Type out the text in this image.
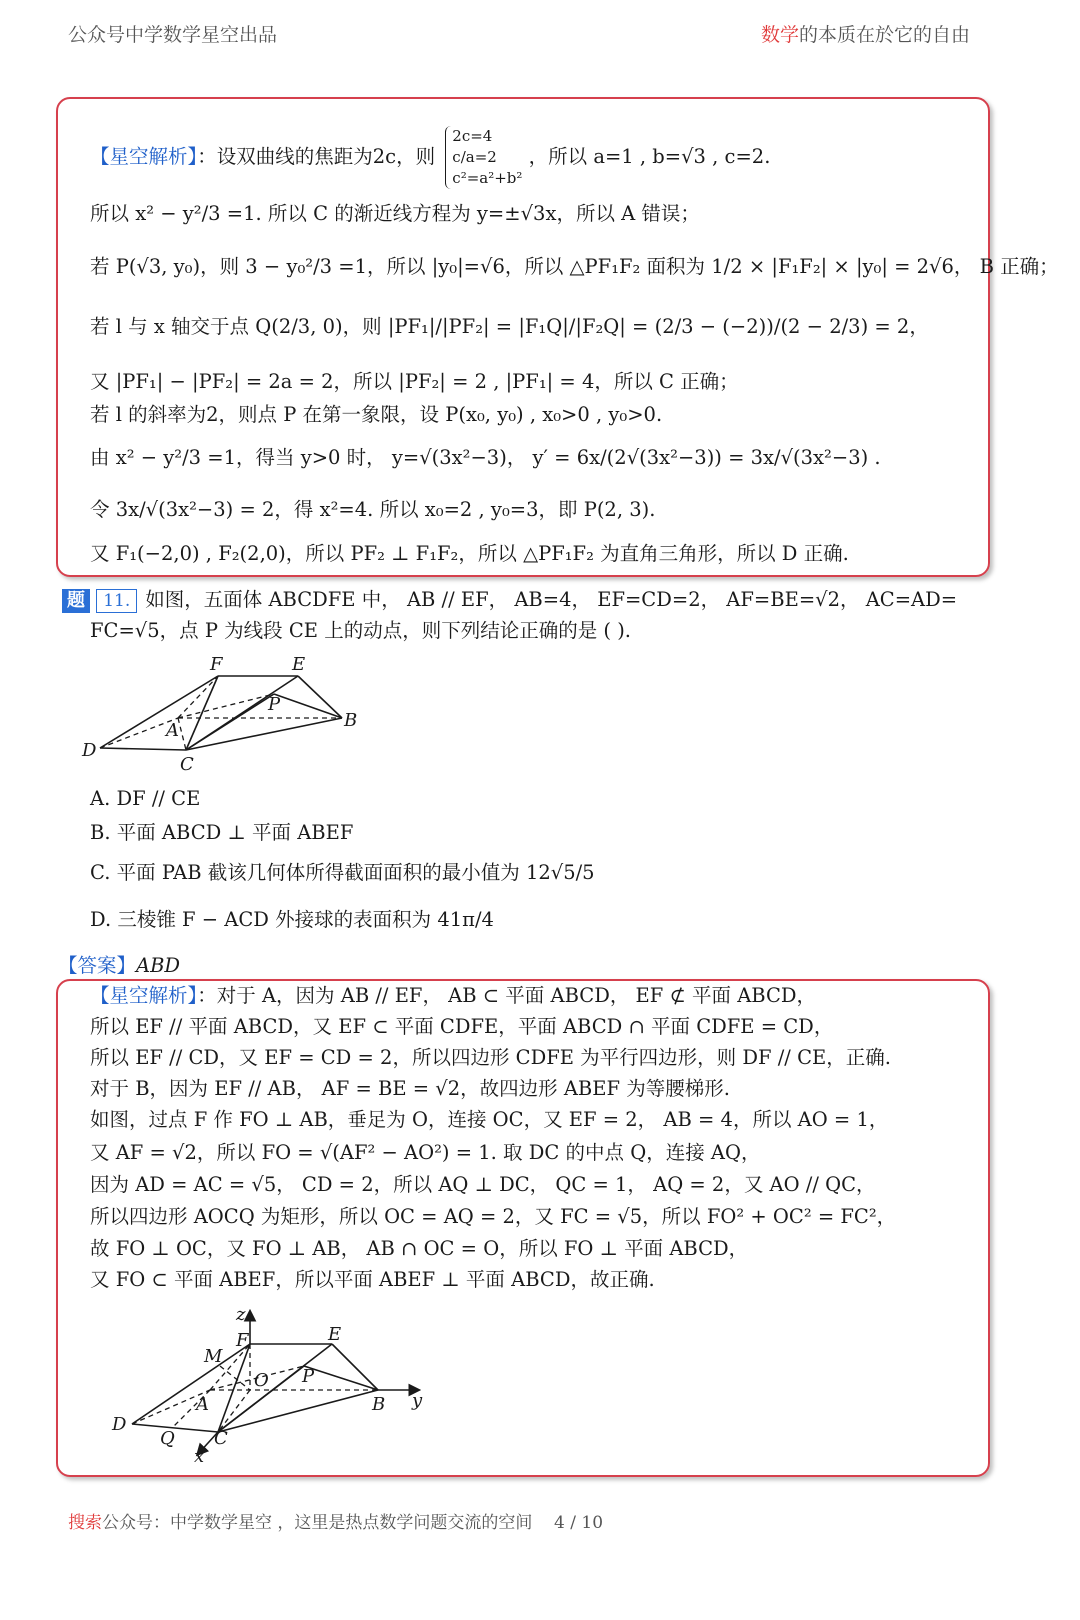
公众号中学数学星空出品	数学的本质在於它的自由
【星空解析】：设双曲线的焦距为2c，则 2c=4
c/a=2
c²=a²+b² ，所以 a=1 , b=√3 , c=2.
所以 x² − y²/3 =1. 所以 C 的渐近线方程为 y=±√3x，所以 A 错误；
若 P(√3, y₀)，则 3 − y₀²/3 =1，所以 |y₀|=√6，所以 △PF₁F₂ 面积为 1/2 × |F₁F₂| × |y₀| = 2√6， B 正确；
若 l 与 x 轴交于点 Q(2/3, 0)，则 |PF₁|/|PF₂| = |F₁Q|/|F₂Q| = (2/3 − (−2))/(2 − 2/3) = 2，
又 |PF₁| − |PF₂| = 2a = 2，所以 |PF₂| = 2 , |PF₁| = 4，所以 C 正确；
若 l 的斜率为2，则点 P 在第一象限，设 P(x₀, y₀) , x₀>0 , y₀>0.
由 x² − y²/3 =1，得当 y>0 时， y=√(3x²−3)， y′ = 6x/(2√(3x²−3)) = 3x/√(3x²−3) .
令 3x/√(3x²−3) = 2，得 x²=4. 所以 x₀=2 , y₀=3，即 P(2, 3).
又 F₁(−2,0) , F₂(2,0)，所以 PF₂ ⊥ F₁F₂，所以 △PF₁F₂ 为直角三角形，所以 D 正确.
题 11. 如图，五面体 ABCDFE 中， AB // EF， AB=4， EF=CD=2， AF=BE=√2， AC=AD=
FC=√5，点 P 为线段 CE 上的动点，则下列结论正确的是 ( ).
F	E
P
B
A
D
C
A. DF // CE
B. 平面 ABCD ⊥ 平面 ABEF
C. 平面 PAB 截该几何体所得截面面积的最小值为 12√5/5
D. 三棱锥 F − ACD 外接球的表面积为 41π/4
【答案】ABD
【星空解析】：对于 A，因为 AB // EF， AB ⊂ 平面 ABCD， EF ⊄ 平面 ABCD，
所以 EF // 平面 ABCD，又 EF ⊂ 平面 CDFE，平面 ABCD ∩ 平面 CDFE = CD，
所以 EF // CD，又 EF = CD = 2，所以四边形 CDFE 为平行四边形，则 DF // CE，正确.
对于 B，因为 EF // AB， AF = BE = √2，故四边形 ABEF 为等腰梯形.
如图，过点 F 作 FO ⊥ AB，垂足为 O，连接 OC，又 EF = 2， AB = 4，所以 AO = 1，
又 AF = √2，所以 FO = √(AF² − AO²) = 1. 取 DC 的中点 Q，连接 AQ，
因为 AD = AC = √5， CD = 2，所以 AQ ⊥ DC， QC = 1， AQ = 2，又 AO // QC，
所以四边形 AOCQ 为矩形，所以 OC = AQ = 2，又 FC = √5，所以 FO² + OC² = FC²，
故 FO ⊥ OC，又 FO ⊥ AB， AB ∩ OC = O，所以 FO ⊥ 平面 ABCD，
又 FO ⊂ 平面 ABEF，所以平面 ABEF ⊥ 平面 ABCD，故正确.
z
F	E
M
O P
B y
A
D
Q C
x
搜索公众号：中学数学星空 ，这里是热点数学问题交流的空间 4 / 10
